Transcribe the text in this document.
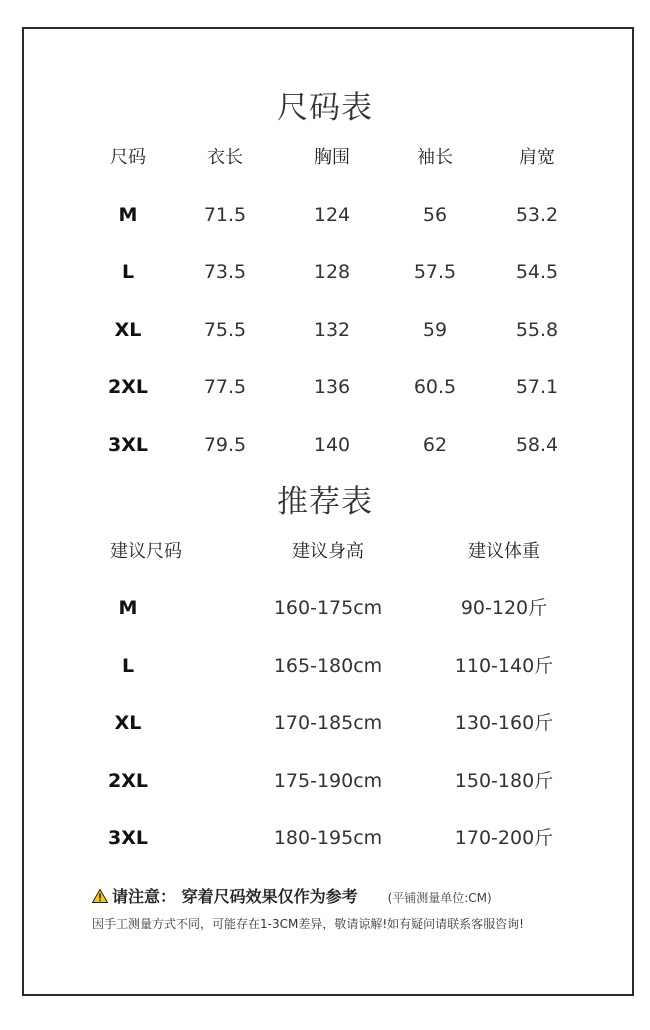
尺码表
尺码	衣长	胸围	袖长	肩宽
M	71.5	124	56	53.2
L	73.5	128	57.5	54.5
XL	75.5	132	59	55.8
2XL	77.5	136	60.5	57.1
3XL	79.5	140	62	58.4
推荐表
建议尺码	建议身高	建议体重
M	160-175cm	90-120斤
L	165-180cm	110-140斤
XL	170-185cm	130-160斤
2XL	175-190cm	150-180斤
3XL	180-195cm	170-200斤
请注意： 穿着尺码效果仅作为参考	(平铺测量单位:CM)
因手工测量方式不同，可能存在1-3CM差异，敬请谅解!如有疑问请联系客服咨询!
